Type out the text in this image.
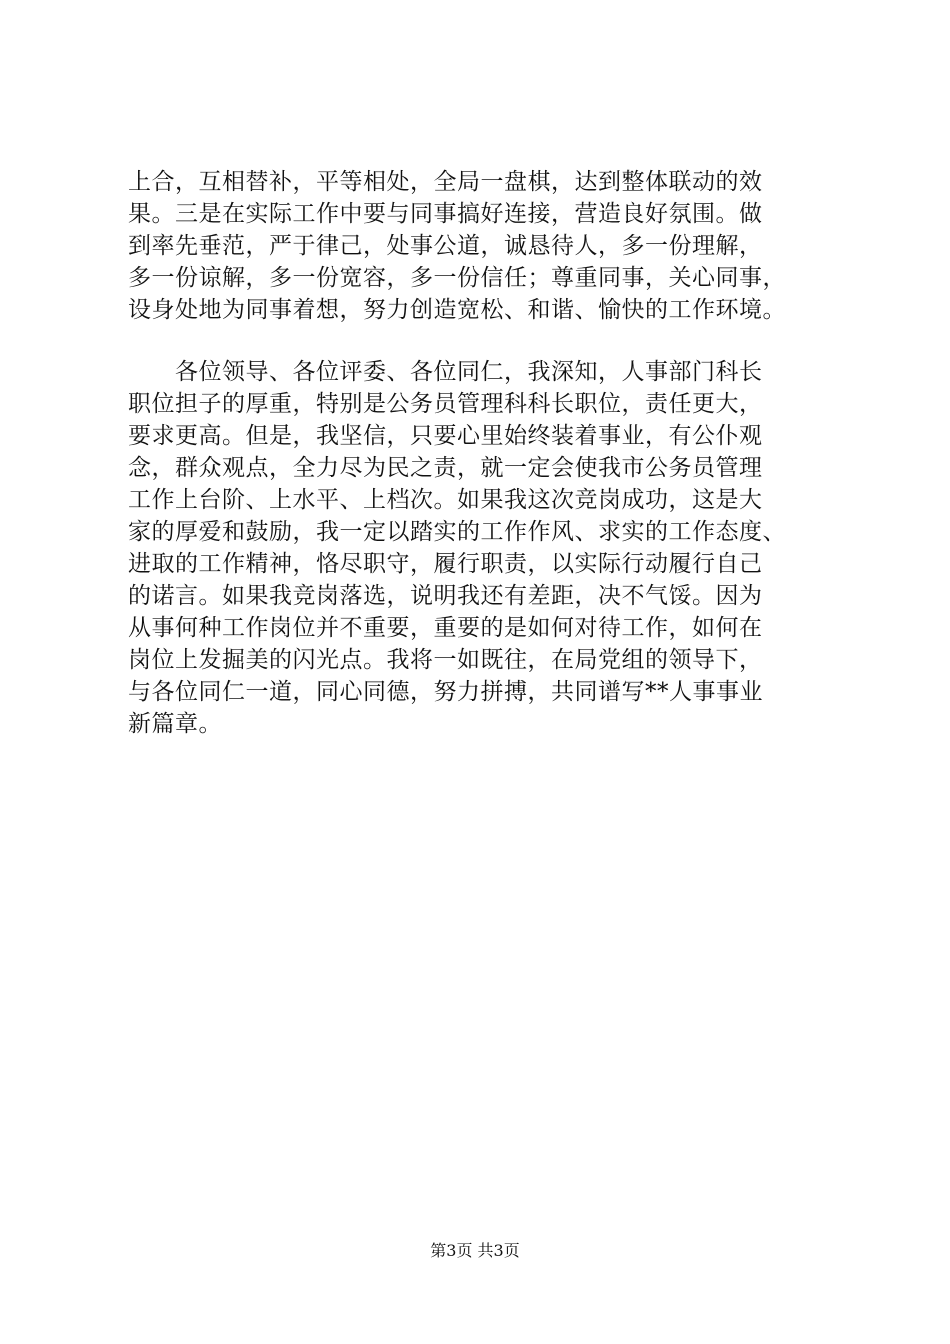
上合，互相替补，平等相处，全局一盘棋，达到整体联动的效
果。三是在实际工作中要与同事搞好连接，营造良好氛围。做
到率先垂范，严于律己，处事公道，诚恳待人，多一份理解，
多一份谅解，多一份宽容，多一份信任；尊重同事，关心同事，
设身处地为同事着想，努力创造宽松、和谐、愉快的工作环境。
　　各位领导、各位评委、各位同仁，我深知，人事部门科长
职位担子的厚重，特别是公务员管理科科长职位，责任更大，
要求更高。但是，我坚信，只要心里始终装着事业，有公仆观
念，群众观点，全力尽为民之责，就一定会使我市公务员管理
工作上台阶、上水平、上档次。如果我这次竞岗成功，这是大
家的厚爱和鼓励，我一定以踏实的工作作风、求实的工作态度、
进取的工作精神，恪尽职守，履行职责，以实际行动履行自己
的诺言。如果我竞岗落选，说明我还有差距，决不气馁。因为
从事何种工作岗位并不重要，重要的是如何对待工作，如何在
岗位上发掘美的闪光点。我将一如既往，在局党组的领导下，
与各位同仁一道，同心同德，努力拼搏，共同谱写**人事事业
新篇章。
第3页 共3页
